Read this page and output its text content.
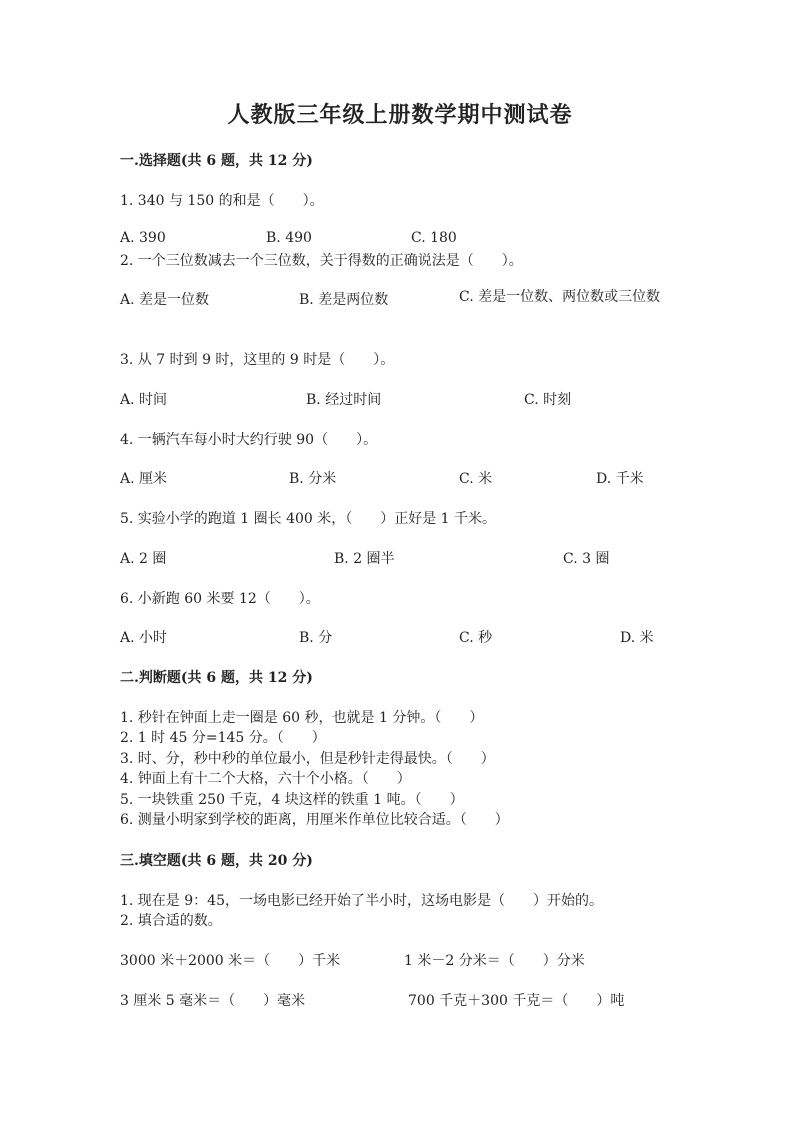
人教版三年级上册数学期中测试卷
一.选择题(共 6 题，共 12 分)
1. 340 与 150 的和是（　　）。
A. 390	B. 490	C. 180
2. 一个三位数减去一个三位数，关于得数的正确说法是（　　）。
A. 差是一位数	B. 差是两位数	C. 差是一位数、两位数或三位数
3. 从 7 时到 9 时，这里的 9 时是（　　）。
A. 时间	B. 经过时间	C. 时刻
4. 一辆汽车每小时大约行驶 90（　　）。
A. 厘米	B. 分米	C. 米	D. 千米
5. 实验小学的跑道 1 圈长 400 米，（　　）正好是 1 千米。
A. 2 圈	B. 2 圈半	C. 3 圈
6. 小新跑 60 米要 12（　　）。
A. 小时	B. 分	C. 秒	D. 米
二.判断题(共 6 题，共 12 分)
1. 秒针在钟面上走一圈是 60 秒，也就是 1 分钟。（　　）
2. 1 时 45 分=145 分。（　　）
3. 时、分，秒中秒的单位最小，但是秒针走得最快。（　　）
4. 钟面上有十二个大格，六十个小格。（　　）
5. 一块铁重 250 千克，4 块这样的铁重 1 吨。（　　）
6. 测量小明家到学校的距离，用厘米作单位比较合适。（　　）
三.填空题(共 6 题，共 20 分)
1. 现在是 9：45，一场电影已经开始了半小时，这场电影是（　　）开始的。
2. 填合适的数。
3000 米＋2000 米＝（　　）千米	1 米－2 分米＝（　　）分米
3 厘米 5 毫米＝（　　）毫米	700 千克＋300 千克＝（　　）吨
